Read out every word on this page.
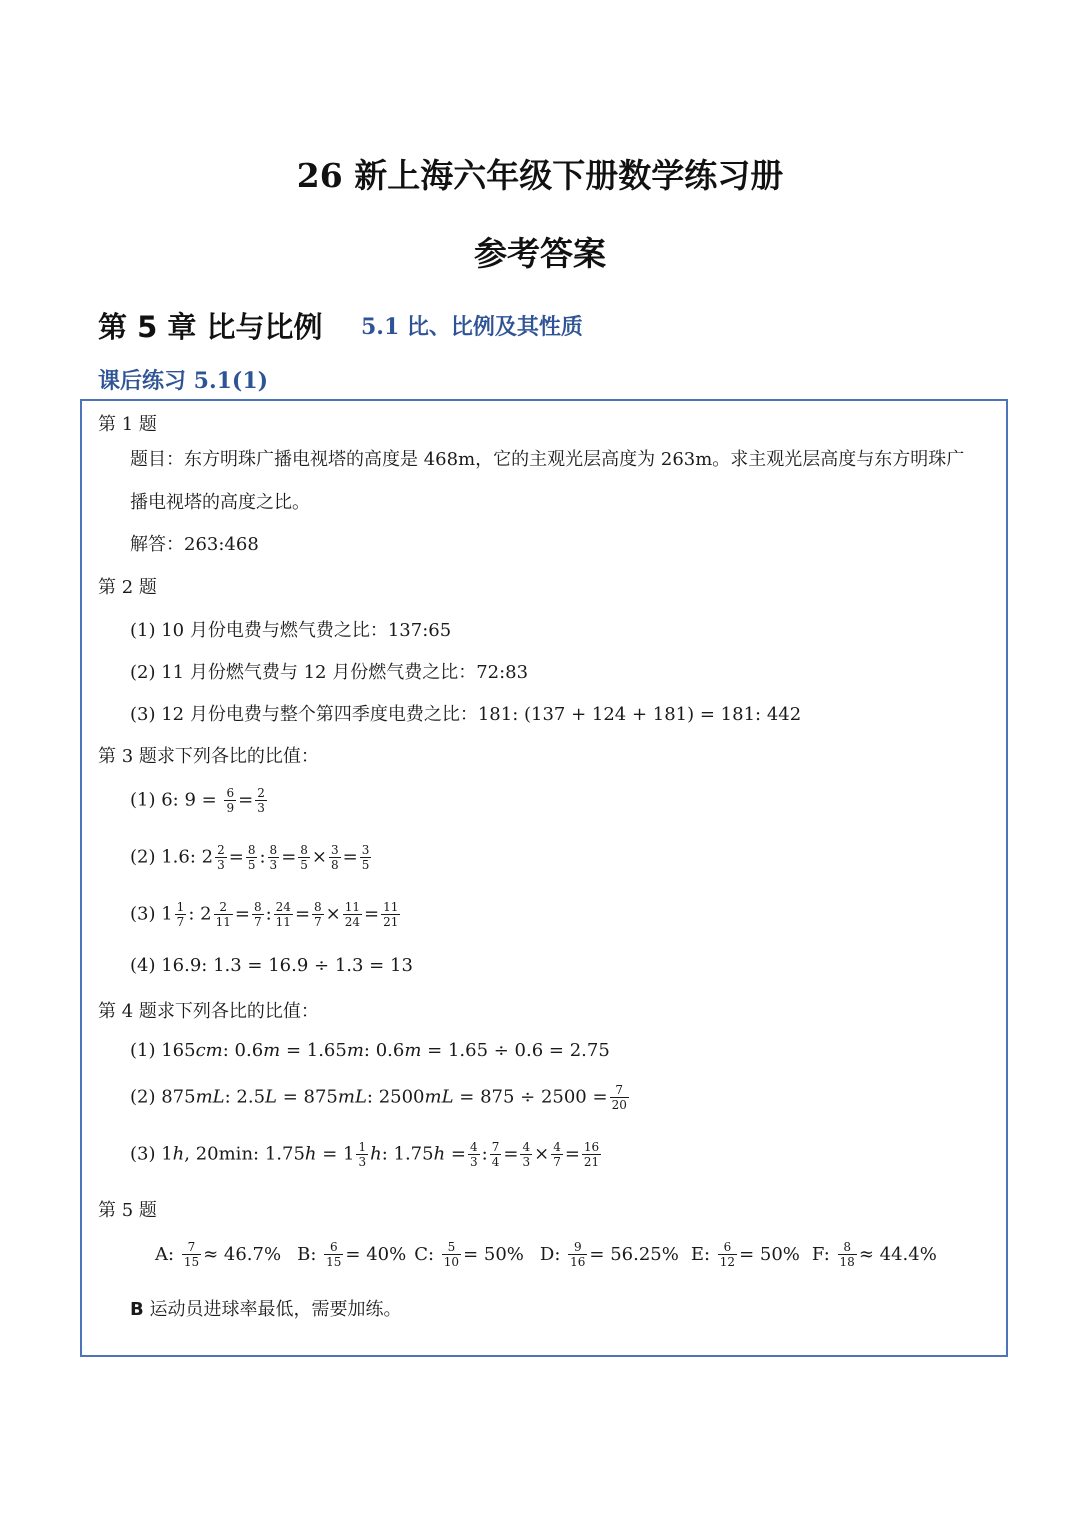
26 新上海六年级下册数学练习册
参考答案
第 5 章 比与比例 5.1 比、比例及其性质
课后练习 5.1(1)
第 1 题
题目：东方明珠广播电视塔的高度是 468m，它的主观光层高度为 263m。求主观光层高度与东方明珠广
播电视塔的高度之比。
解答：263:468
第 2 题
(1) 10 月份电费与燃气费之比：137:65
(2) 11 月份燃气费与 12 月份燃气费之比：72:83
(3) 12 月份电费与整个第四季度电费之比：181: (137 + 124 + 181) = 181: 442
第 3 题求下列各比的比值：
(1) 6: $9 = \frac{6}{9} = \frac{2}{3}$
(2) 1.6: $2 \frac{2}{3} = \frac{8}{5}$ : $\frac{8}{3} = \frac{8}{5} \times \frac{3}{8} = \frac{3}{5}$
(3) $1 \frac{1}{7}$ : $2 \frac{2}{11} = \frac{8}{7}$ : $\frac{24}{11} = \frac{8}{7} \times \frac{11}{24} = \frac{11}{21}$
(4) 16.9: 1.3 = 16.9 ÷ 1.3 = 13
第 4 题求下列各比的比值：
(1) 165cm: 0.6m = 1.65m: 0.6m = 1.65 ÷ 0.6 = 2.75
(2) 875mL: 2.5L = 875mL: $2500mL = 875 \div 2500 = \frac{7}{20}$
(3) 1h, 20min: $1.75h = 1 \frac{1}{3} h$: $1.75h = \frac{4}{3}$ : $\frac{7}{4} = \frac{4}{3} \times \frac{4}{7} = \frac{16}{21}$
第 5 题
A: $\frac{7}{15} \approx 46.7\%$ B: $\frac{6}{15} = 40\%$ C: $\frac{5}{10} = 50\%$ D: $\frac{9}{16} = 56.25\%$ E: $\frac{6}{12} = 50\%$ F: $\frac{8}{18} \approx 44.4\%$
B 运动员进球率最低，需要加练。
